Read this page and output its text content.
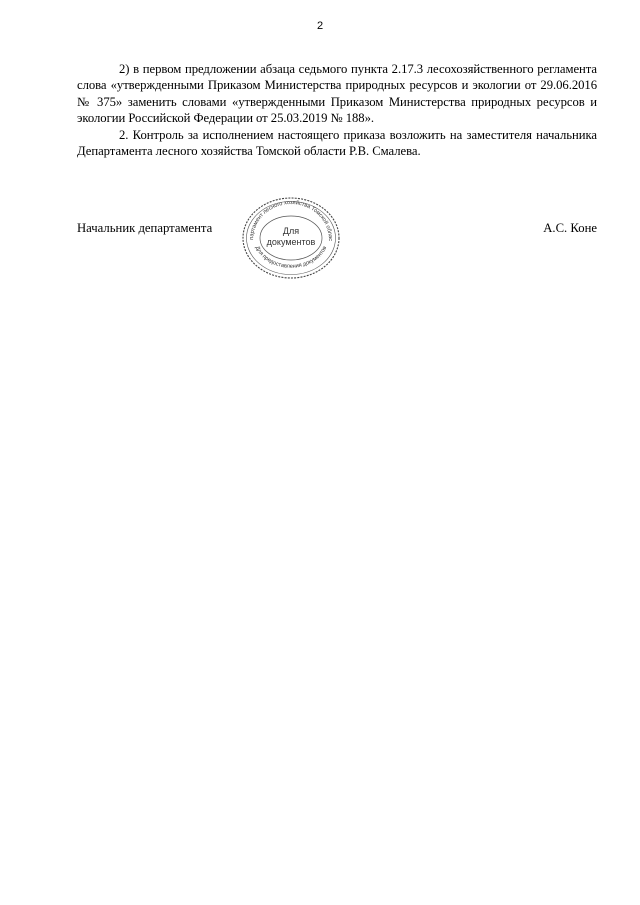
2

2) в первом предложении абзаца седьмого пункта 2.17.3 лесохозяйственного регламента слова «утвержденными Приказом Министерства природных ресурсов и экологии от 29.06.2016 № 375» заменить словами «утвержденными Приказом Министерства природных ресурсов и экологии Российской Федерации от 25.03.2019 № 188».

2. Контроль за исполнением настоящего приказа возложить на заместителя начальника Департамента лесного хозяйства Томской области Р.В. Смалева.

Начальник департамента
партамент лесного хозяйства Томской облас
Для предоставления документов
Для
документов
А.С. Коне
